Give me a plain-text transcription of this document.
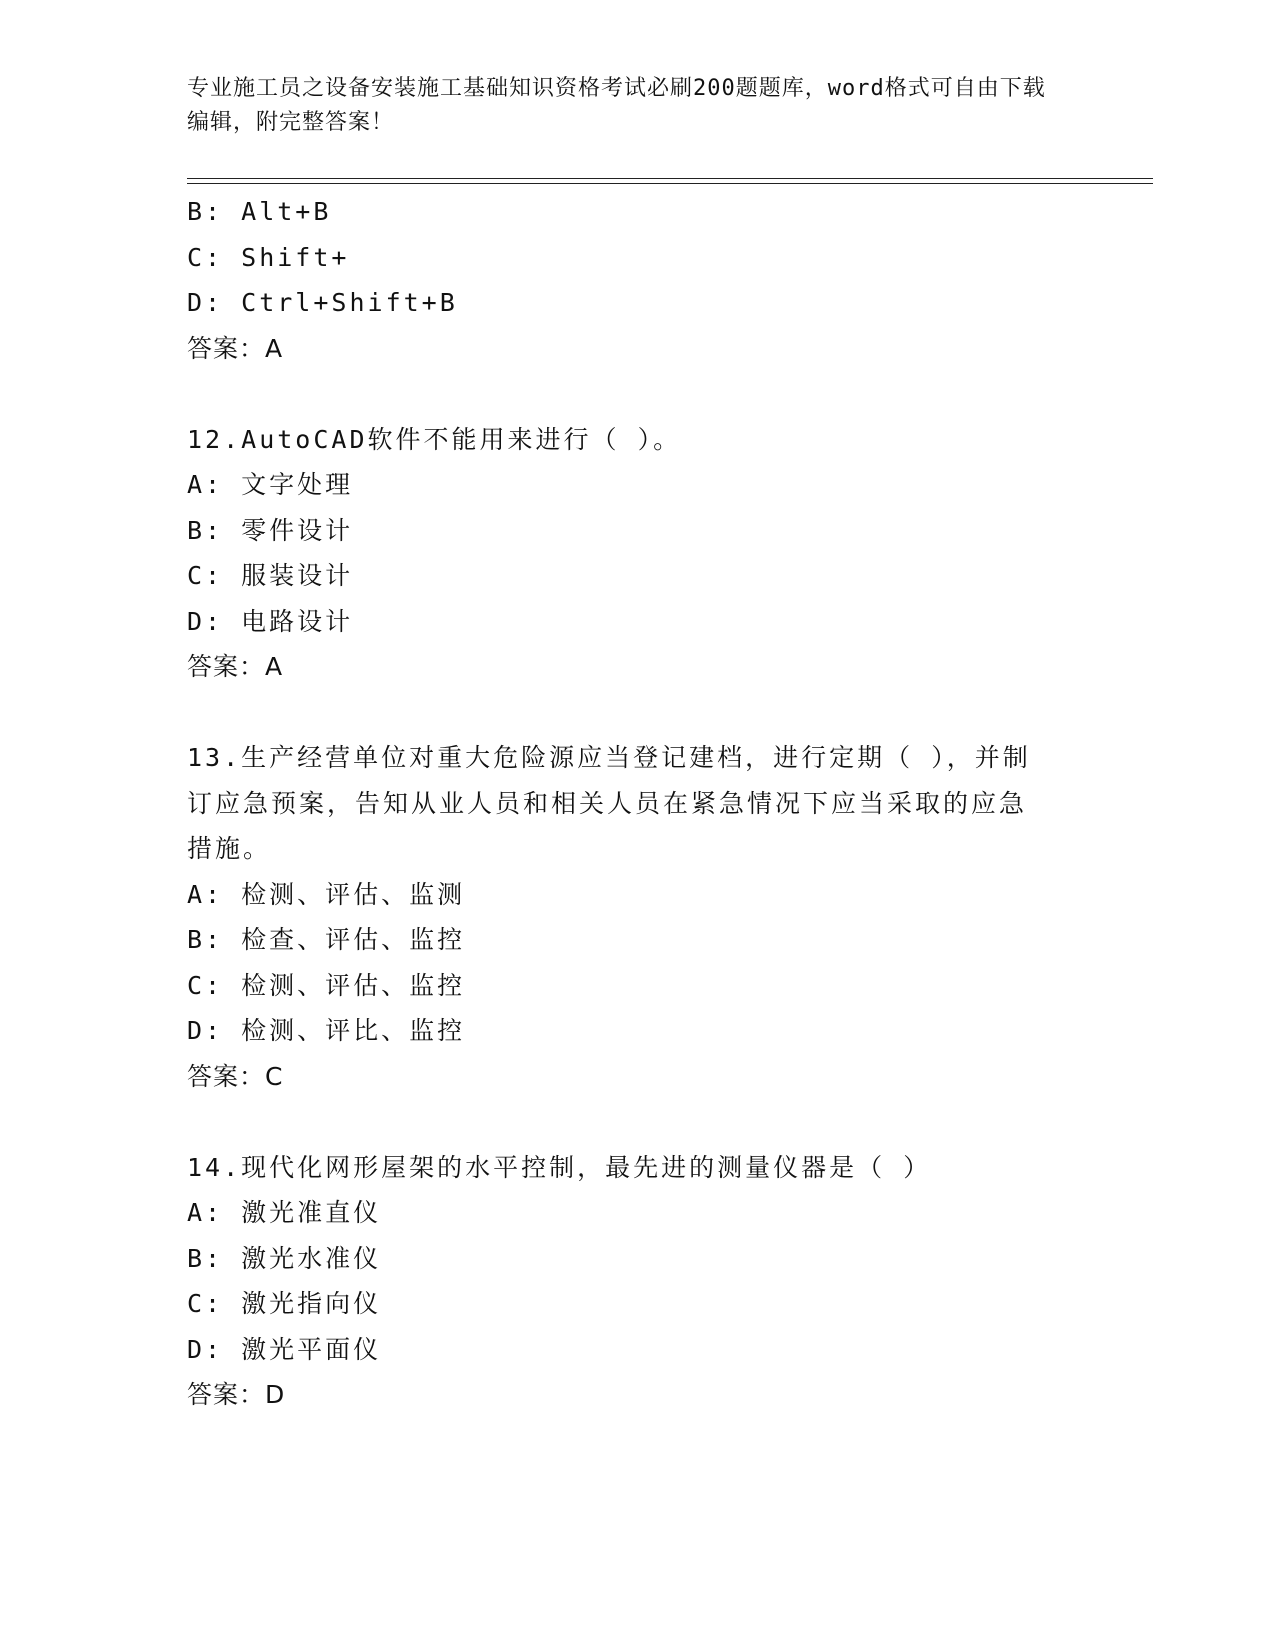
专业施工员之设备安装施工基础知识资格考试必刷200题题库，word格式可自由下载编辑，附完整答案！
B: Alt+B
C: Shift+
D: Ctrl+Shift+B
答案：A
12.AutoCAD软件不能用来进行（ ）。
A: 文字处理
B: 零件设计
C: 服装设计
D: 电路设计
答案：A
13.生产经营单位对重大危险源应当登记建档，进行定期（ ），并制
订应急预案，告知从业人员和相关人员在紧急情况下应当采取的应急
措施。
A: 检测、评估、监测
B: 检查、评估、监控
C: 检测、评估、监控
D: 检测、评比、监控
答案：C
14.现代化网形屋架的水平控制，最先进的测量仪器是（ ）
A: 激光准直仪
B: 激光水准仪
C: 激光指向仪
D: 激光平面仪
答案：D
